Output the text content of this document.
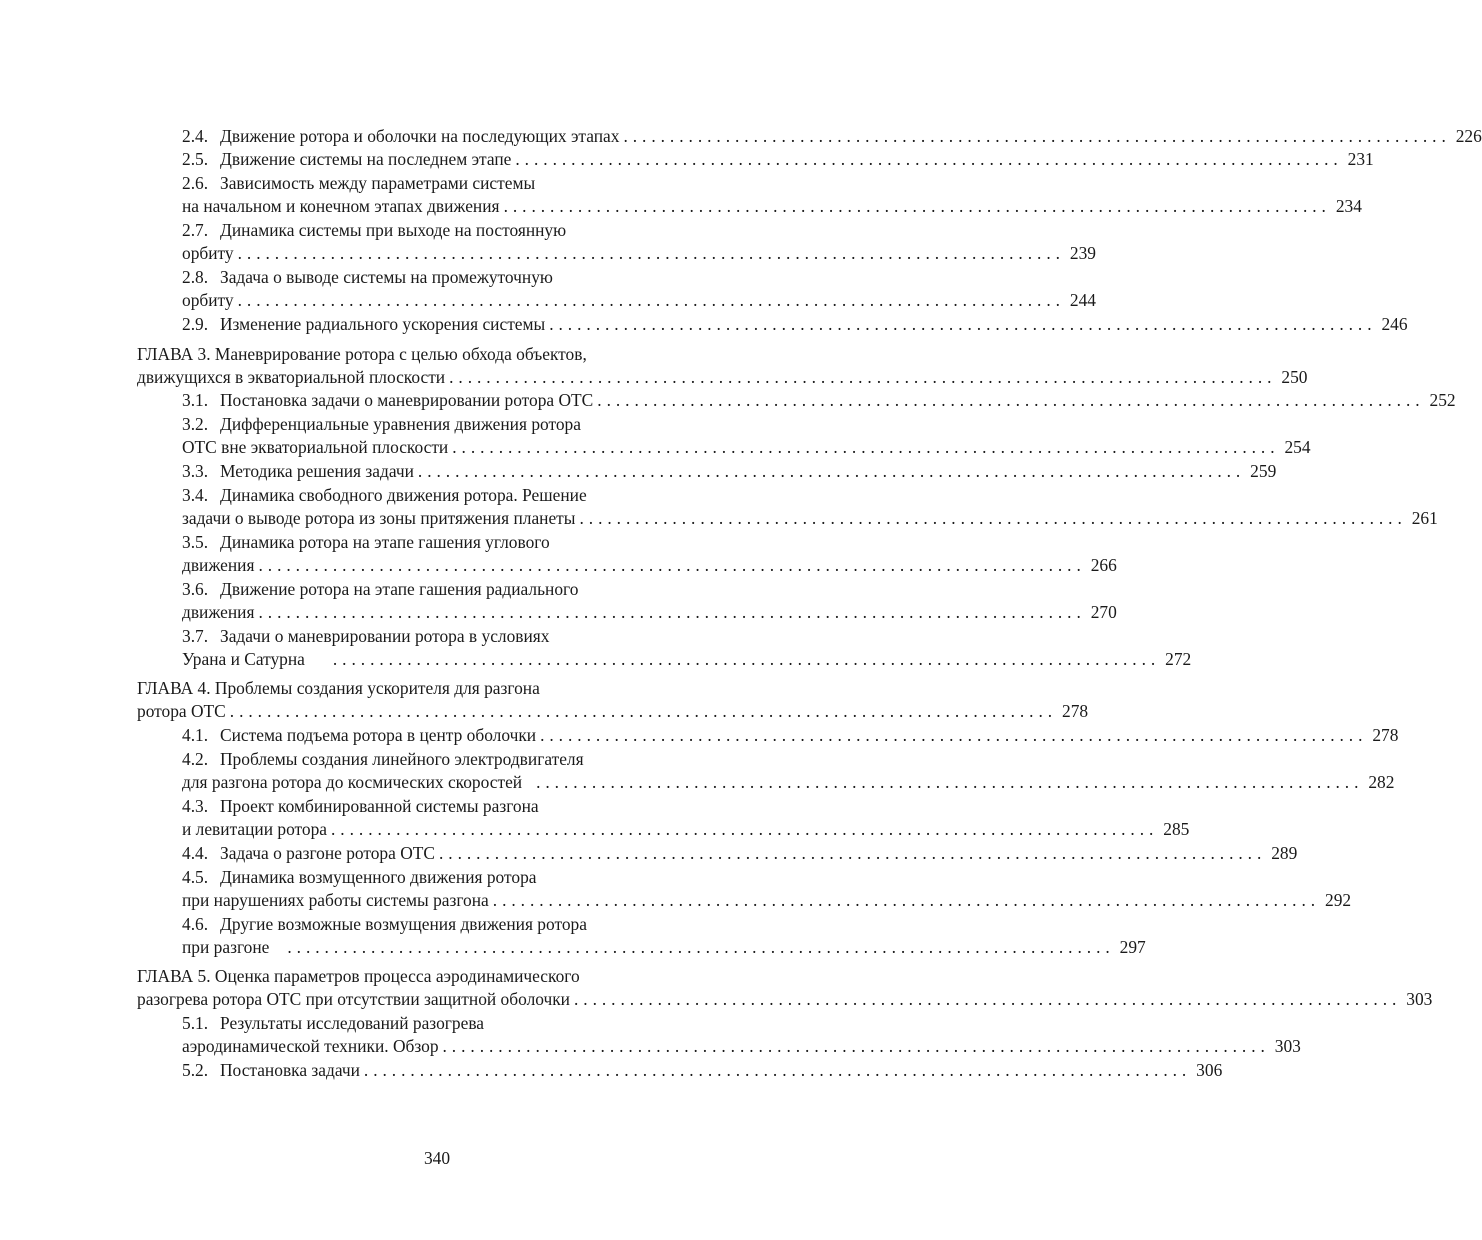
2.4. Движение ротора и оболочки на последующих этапах . . .	226
2.5. Движение системы на последнем этапе . . .	231
2.6. Зависимость между параметрами системы
на начальном и конечном этапах движения . . .	234
2.7. Динамика системы при выходе на постоянную
орбиту . . .	239
2.8. Задача о выводе системы на промежуточную
орбиту . . .	244
2.9. Изменение радиального ускорения системы . . .	246
ГЛАВА 3. Маневрирование ротора с целью обхода объектов,
движущихся в экваториальной плоскости . . .	250
3.1. Постановка задачи о маневрировании ротора ОТС . . .	252
3.2. Дифференциальные уравнения движения ротора
ОТС вне экваториальной плоскости . . .	254
3.3. Методика решения задачи . . .	259
3.4. Динамика свободного движения ротора. Решение
задачи о выводе ротора из зоны притяжения планеты . . .	261
3.5. Динамика ротора на этапе гашения углового
движения . . .	266
3.6. Движение ротора на этапе гашения радиального
движения . . .	270
3.7. Задачи о маневрировании ротора в условиях
Урана и Сатурна . . .	272
ГЛАВА 4. Проблемы создания ускорителя для разгона
ротора ОТС . . .	278
4.1. Система подъема ротора в центр оболочки . . .	278
4.2. Проблемы создания линейного электродвигателя
для разгона ротора до космических скоростей . . .	282
4.3. Проект комбинированной системы разгона
и левитации ротора . . .	285
4.4. Задача о разгоне ротора ОТС . . .	289
4.5. Динамика возмущенного движения ротора
при нарушениях работы системы разгона . . .	292
4.6. Другие возможные возмущения движения ротора
при разгоне . . .	297
ГЛАВА 5. Оценка параметров процесса аэродинамического
разогрева ротора ОТС при отсутствии защитной оболочки . . .	303
5.1. Результаты исследований разогрева
аэродинамической техники. Обзор . . .	303
5.2. Постановка задачи . . .	306
340
